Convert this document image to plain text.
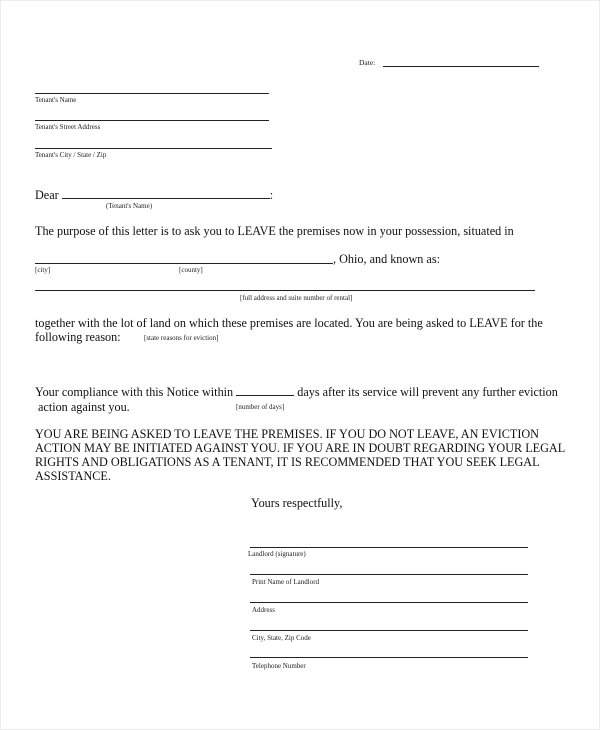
Date:
Tenant's Name
Tenant's Street Address
Tenant's City / State / Zip
Dear	:
(Tenant's Name)
The purpose of this letter is to ask you to LEAVE the premises now in your possession, situated in
, Ohio, and known as:
[city]	[county]
[full address and suite number of rental]
together with the lot of land on which these premises are located. You are being asked to LEAVE for the
following reason:	[state reasons for eviction]
Your compliance with this Notice within	days after its service will prevent any further eviction
action against you.	[number of days]
YOU ARE BEING ASKED TO LEAVE THE PREMISES. IF YOU DO NOT LEAVE, AN EVICTION
ACTION MAY BE INITIATED AGAINST YOU. IF YOU ARE IN DOUBT REGARDING YOUR LEGAL
RIGHTS AND OBLIGATIONS AS A TENANT, IT IS RECOMMENDED THAT YOU SEEK LEGAL
ASSISTANCE.
Yours respectfully,
Landlord (signature)
Print Name of Landlord
Address
City, State, Zip Code
Telephone Number
